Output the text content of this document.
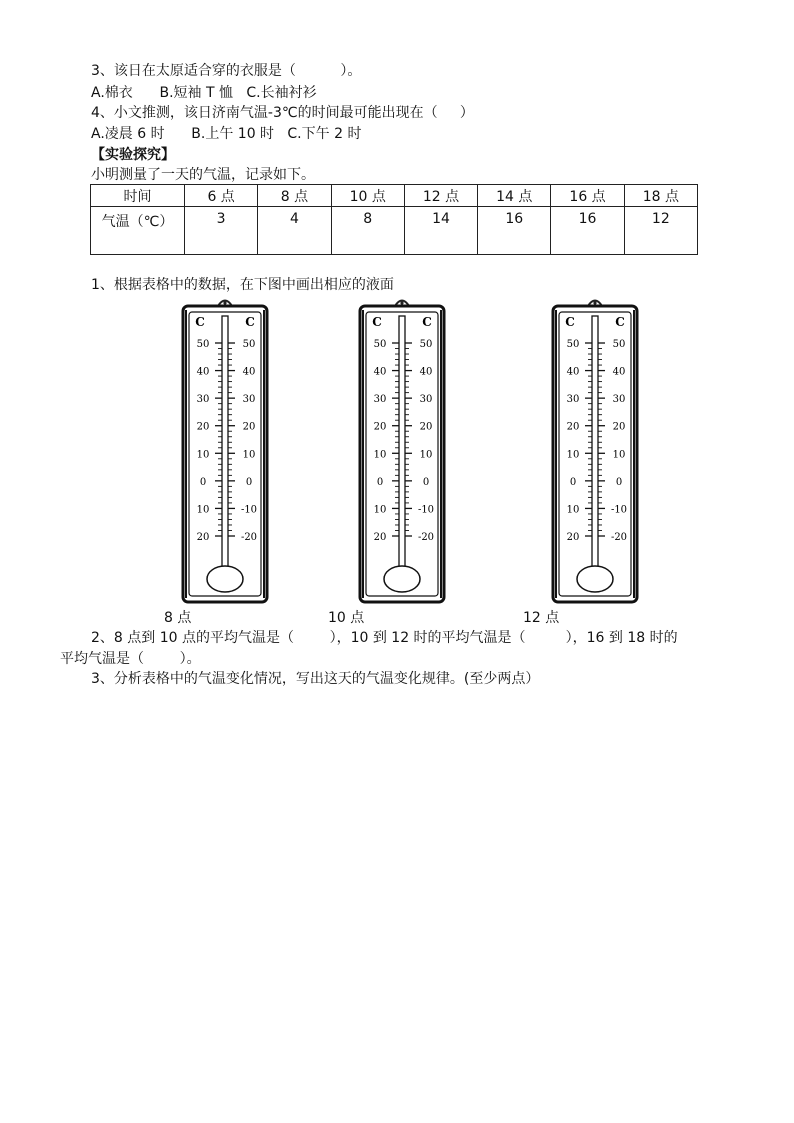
3、该日在太原适合穿的衣服是（          ）。
A.棉衣      B.短袖 T 恤   C.长袖衬衫
4、小文推测，该日济南气温-3℃的时间最可能出现在（     ）
A.凌晨 6 时      B.上午 10 时   C.下午 2 时
【实验探究】
小明测量了一天的气温，记录如下。
时间	6 点	8 点	10 点	12 点	14 点	16 点	18 点
气温（℃）	3	4	8	14	16	16	12
1、根据表格中的数据，在下图中画出相应的液面
C	C
50	50
40	40
30	30
20	20
10	10
0	0
10	-10
20	-20
C	C
50	50
40	40
30	30
20	20
10	10
0	0
10	-10
20	-20
C	C
50	50
40	40
30	30
20	20
10	10
0	0
10	-10
20	-20
8 点	10 点	12 点
2、8 点到 10 点的平均气温是（        ），10 到 12 时的平均气温是（         ），16 到 18 时的
平均气温是（        ）。
3、分析表格中的气温变化情况，写出这天的气温变化规律。(至少两点）
